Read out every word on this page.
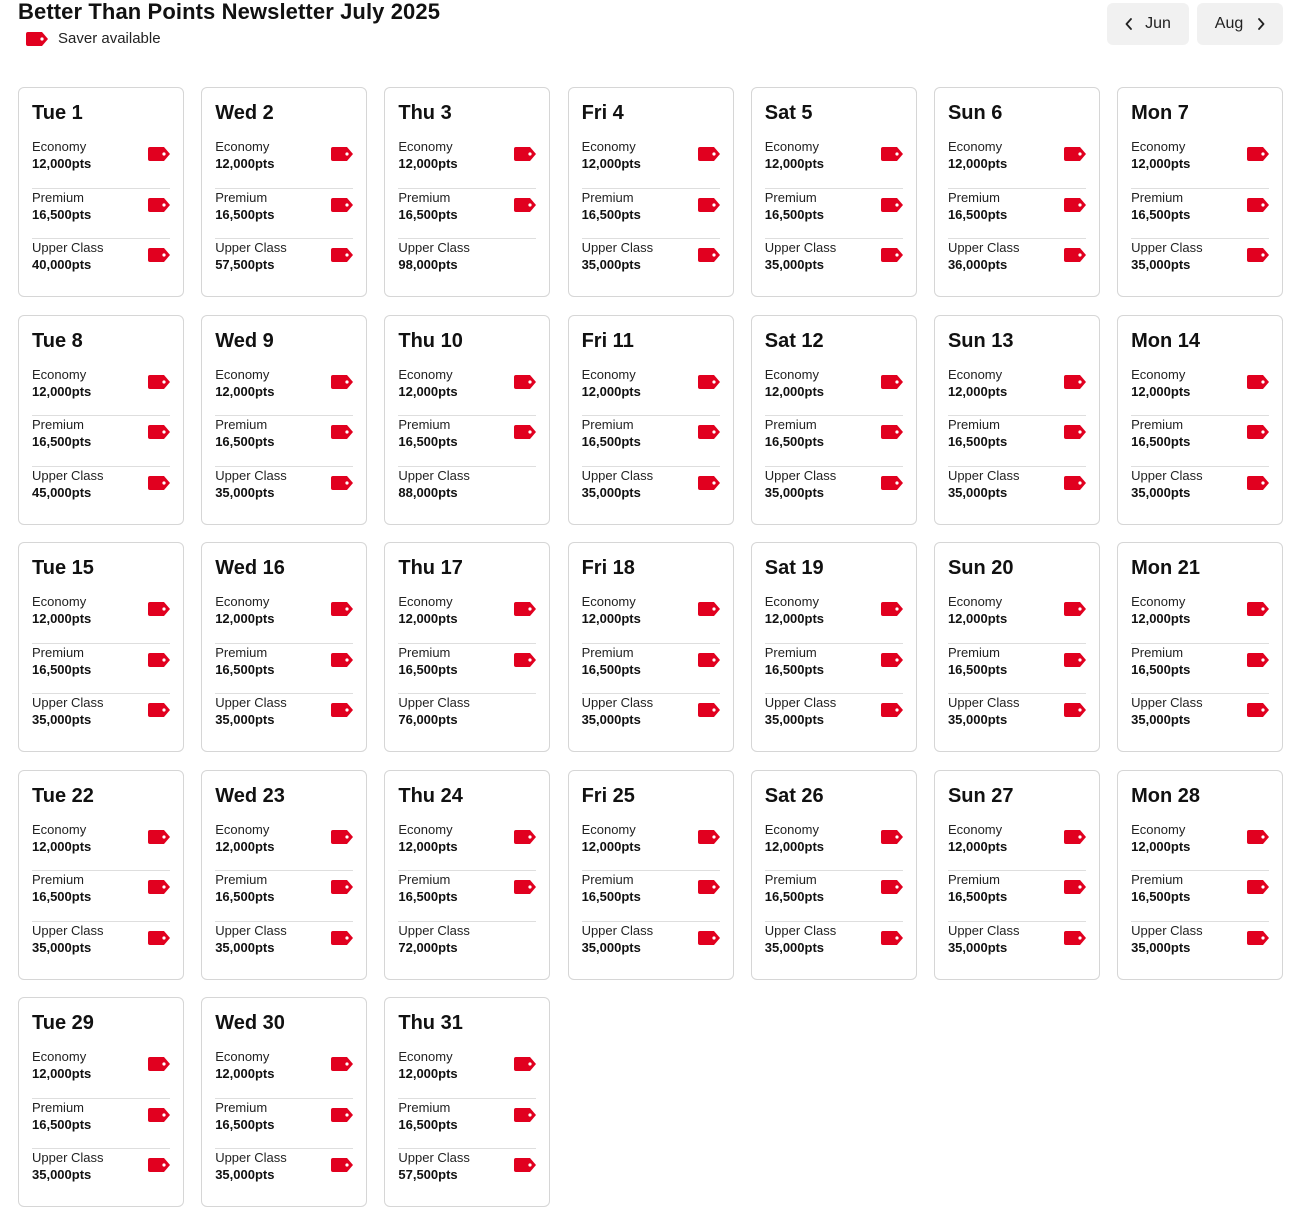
Better Than Points Newsletter July 2025
Saver available
Jun	Aug
Tue 1
Economy
12,000pts
Premium
16,500pts
Upper Class
40,000pts
Wed 2
Economy
12,000pts
Premium
16,500pts
Upper Class
57,500pts
Thu 3
Economy
12,000pts
Premium
16,500pts
Upper Class
98,000pts
Fri 4
Economy
12,000pts
Premium
16,500pts
Upper Class
35,000pts
Sat 5
Economy
12,000pts
Premium
16,500pts
Upper Class
35,000pts
Sun 6
Economy
12,000pts
Premium
16,500pts
Upper Class
36,000pts
Mon 7
Economy
12,000pts
Premium
16,500pts
Upper Class
35,000pts
Tue 8
Economy
12,000pts
Premium
16,500pts
Upper Class
45,000pts
Wed 9
Economy
12,000pts
Premium
16,500pts
Upper Class
35,000pts
Thu 10
Economy
12,000pts
Premium
16,500pts
Upper Class
88,000pts
Fri 11
Economy
12,000pts
Premium
16,500pts
Upper Class
35,000pts
Sat 12
Economy
12,000pts
Premium
16,500pts
Upper Class
35,000pts
Sun 13
Economy
12,000pts
Premium
16,500pts
Upper Class
35,000pts
Mon 14
Economy
12,000pts
Premium
16,500pts
Upper Class
35,000pts
Tue 15
Economy
12,000pts
Premium
16,500pts
Upper Class
35,000pts
Wed 16
Economy
12,000pts
Premium
16,500pts
Upper Class
35,000pts
Thu 17
Economy
12,000pts
Premium
16,500pts
Upper Class
76,000pts
Fri 18
Economy
12,000pts
Premium
16,500pts
Upper Class
35,000pts
Sat 19
Economy
12,000pts
Premium
16,500pts
Upper Class
35,000pts
Sun 20
Economy
12,000pts
Premium
16,500pts
Upper Class
35,000pts
Mon 21
Economy
12,000pts
Premium
16,500pts
Upper Class
35,000pts
Tue 22
Economy
12,000pts
Premium
16,500pts
Upper Class
35,000pts
Wed 23
Economy
12,000pts
Premium
16,500pts
Upper Class
35,000pts
Thu 24
Economy
12,000pts
Premium
16,500pts
Upper Class
72,000pts
Fri 25
Economy
12,000pts
Premium
16,500pts
Upper Class
35,000pts
Sat 26
Economy
12,000pts
Premium
16,500pts
Upper Class
35,000pts
Sun 27
Economy
12,000pts
Premium
16,500pts
Upper Class
35,000pts
Mon 28
Economy
12,000pts
Premium
16,500pts
Upper Class
35,000pts
Tue 29
Economy
12,000pts
Premium
16,500pts
Upper Class
35,000pts
Wed 30
Economy
12,000pts
Premium
16,500pts
Upper Class
35,000pts
Thu 31
Economy
12,000pts
Premium
16,500pts
Upper Class
57,500pts
